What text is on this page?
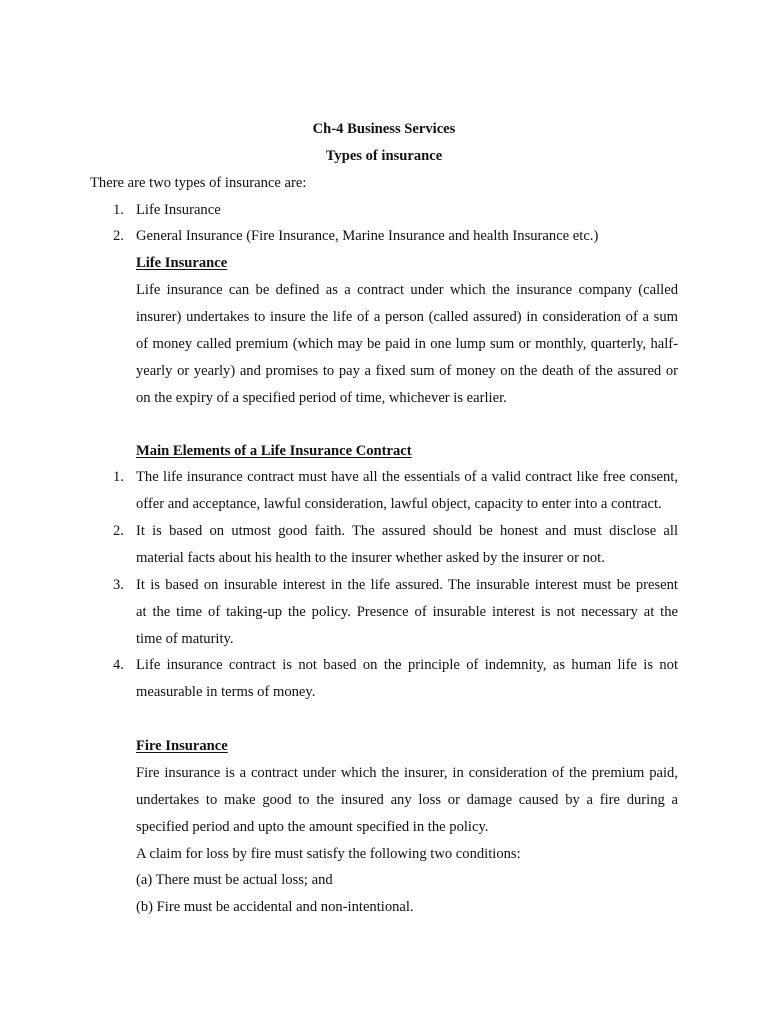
Ch-4 Business Services

Types of insurance

There are two types of insurance are:

1. Life Insurance

2. General Insurance (Fire Insurance, Marine Insurance and health Insurance etc.)

Life Insurance

Life insurance can be defined as a contract under which the insurance company (called

insurer) undertakes to insure the life of a person (called assured) in consideration of a sum

of money called premium (which may be paid in one lump sum or monthly, quarterly, half-

yearly or yearly) and promises to pay a fixed sum of money on the death of the assured or

on the expiry of a specified period of time, whichever is earlier.

Main Elements of a Life Insurance Contract

1. The life insurance contract must have all the essentials of a valid contract like free consent,

offer and acceptance, lawful consideration, lawful object, capacity to enter into a contract.

2. It is based on utmost good faith. The assured should be honest and must disclose all

material facts about his health to the insurer whether asked by the insurer or not.

3. It is based on insurable interest in the life assured. The insurable interest must be present

at the time of taking-up the policy. Presence of insurable interest is not necessary at the

time of maturity.

4. Life insurance contract is not based on the principle of indemnity, as human life is not

measurable in terms of money.

Fire Insurance

Fire insurance is a contract under which the insurer, in consideration of the premium paid,

undertakes to make good to the insured any loss or damage caused by a fire during a

specified period and upto the amount specified in the policy.

A claim for loss by fire must satisfy the following two conditions:

(a) There must be actual loss; and

(b) Fire must be accidental and non-intentional.
